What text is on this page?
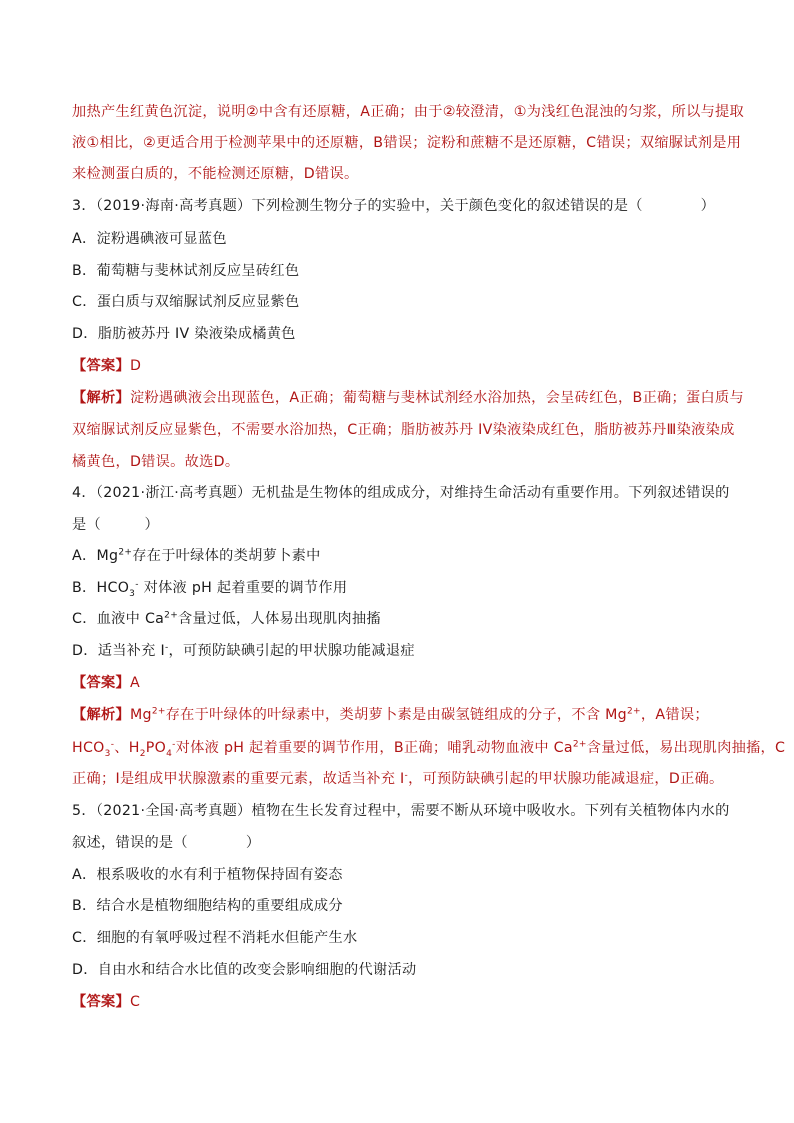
加热产生红黄色沉淀，说明②中含有还原糖，A正确；由于②较澄清，①为浅红色混浊的匀浆，所以与提取
液①相比，②更适合用于检测苹果中的还原糖，B错误；淀粉和蔗糖不是还原糖，C错误；双缩脲试剂是用
来检测蛋白质的，不能检测还原糖，D错误。
3．（2019·海南·高考真题）下列检测生物分子的实验中，关于颜色变化的叙述错误的是（　　　　）
A．淀粉遇碘液可显蓝色
B．葡萄糖与斐林试剂反应呈砖红色
C．蛋白质与双缩脲试剂反应显紫色
D．脂肪被苏丹 IV 染液染成橘黄色
【答案】D
【解析】淀粉遇碘液会出现蓝色，A正确；葡萄糖与斐林试剂经水浴加热，会呈砖红色，B正确；蛋白质与
双缩脲试剂反应显紫色，不需要水浴加热，C正确；脂肪被苏丹 IV染液染成红色，脂肪被苏丹Ⅲ染液染成
橘黄色，D错误。故选D。
4．（2021·浙江·高考真题）无机盐是生物体的组成成分，对维持生命活动有重要作用。下列叙述错误的
是（　　　）
A．$Mg^{2+}$存在于叶绿体的类胡萝卜素中
B．$HCO_3^-$ 对体液 pH 起着重要的调节作用
C．血液中 $Ca^{2+}$含量过低，人体易出现肌肉抽搐
D．适当补充 I-，可预防缺碘引起的甲状腺功能减退症
【答案】A
【解析】$Mg^{2+}$存在于叶绿体的叶绿素中，类胡萝卜素是由碳氢链组成的分子，不含 $Mg^{2+}$，A错误；
$HCO_3^-$、$H_2PO_4^-$对体液 pH 起着重要的调节作用，B正确；哺乳动物血液中 $Ca^{2+}$含量过低，易出现肌肉抽搐，C
正确；I是组成甲状腺激素的重要元素，故适当补充 I-，可预防缺碘引起的甲状腺功能减退症，D正确。
5．（2021·全国·高考真题）植物在生长发育过程中，需要不断从环境中吸收水。下列有关植物体内水的
叙述，错误的是（　　　　）
A．根系吸收的水有利于植物保持固有姿态
B．结合水是植物细胞结构的重要组成成分
C．细胞的有氧呼吸过程不消耗水但能产生水
D．自由水和结合水比值的改变会影响细胞的代谢活动
【答案】C
